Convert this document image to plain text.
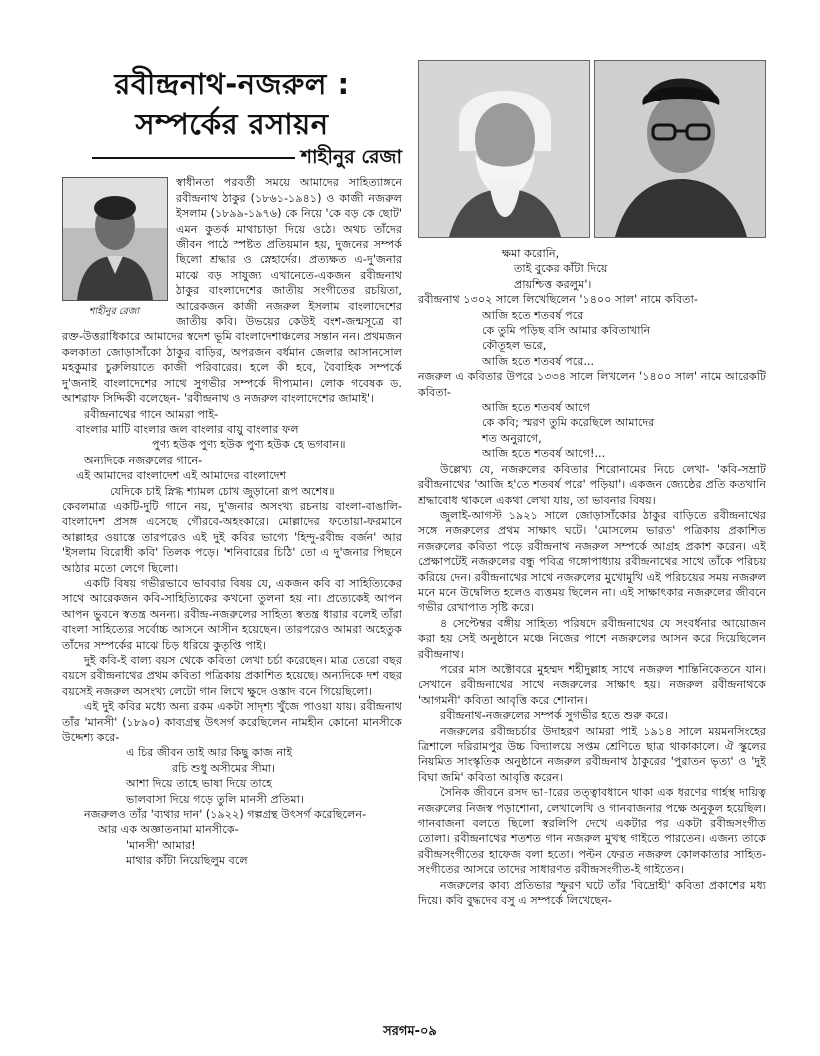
রবীন্দ্রনাথ-নজরুল :
সম্পর্কের রসায়ন
শাহীনুর রেজা
শাহীনুর রেজা

স্বাধীনতা পরবর্তী সময়ে আমাদের সাহিত্যাঙ্গনে রবীন্দ্রনাথ ঠাকুর (১৮৬১-১৯৪১) ও কাজী নজরুল ইসলাম (১৮৯৯-১৯৭৬) কে নিয়ে 'কে বড় কে ছোট' এমন কুতর্ক মাথাচাড়া দিয়ে ওঠে। অথচ তাঁদের জীবন পাঠে স্পষ্টত প্রতিয়মান হয়, দুজনের সম্পর্ক ছিলো শ্রদ্ধার ও স্নেহার্দের। প্রত্যক্ষত এ-দু'জনার মাঝে বড় সাযুজ্য এখানেতে-একজন রবীন্দ্রনাথ ঠাকুর বাংলাদেশের জাতীয় সংগীতের রচয়িতা, আরেকজন কাজী নজরুল ইসলাম বাংলাদেশের জাতীয় কবি। উভয়ের কেউই বংশ-জন্মসূত্রে বা রক্ত-উত্তরাধিকারে আমাদের স্বদেশ ভূমি বাংলাদেশাঞ্চলের সন্তান নন। প্রথমজন কলকাতা জোড়াসাঁকো ঠাকুর বাড়ির, অপরজন বর্ধমান জেলার আসানসোল মহকুমার চুরুলিয়াতে কাজী পরিবারের। হলে কী হবে, বৈবাহিক সম্পর্কে দু'জনাই বাংলাদেশের সাথে সুগভীর সম্পর্কে দীপ্যমান। লোক গবেষক ড. আশরাফ সিদ্দিকী বলেছেন- 'রবীন্দ্রনাথ ও নজরুল বাংলাদেশের জামাই'।

রবীন্দ্রনাথের গানে আমরা পাই-

বাংলার মাটি বাংলার জল বাংলার বায়ু বাংলার ফল

পুণ্য হউক পুণ্য হউক পুণ্য হউক হে ভগবান॥

অন্যদিকে নজরুলের গানে-

এই আমাদের বাংলাদেশ এই আমাদের বাংলাদেশ

যেদিকে চাই স্নিগ্ধ শ্যামল চোখ জুড়ানো রূপ অশেষ॥

কেবলমাত্র একটি-দুটি গানে নয়, দু'জনার অসংখ্য রচনায় বাংলা-বাঙালি-বাংলাদেশ প্রসঙ্গ এসেছে গৌরবে-অহংকারে। মোল্লাদের ফতোয়া-ফরমানে আল্লাহর ওয়াস্তে তারপরেও এই দুই কবির ভাগ্যে 'হিন্দু-রবীন্দ্র বর্জন' আর 'ইসলাম বিরোধী কবি' তিলক পড়ে। 'শনিবারের চিঠি' তো এ দু'জনার পিছনে আঠার মতো লেগে ছিলো।

একটি বিষয় গভীরভাবে ভাববার বিষয় যে, একজন কবি বা সাহিত্যিকের সাথে আরেকজন কবি-সাহিত্যিকের কখনো তুলনা হয় না। প্রত্যেকেই আপন আপন ভুবনে স্বতন্ত্র অনন্য। রবীন্দ্র-নজরুলের সাহিত্য স্বতন্ত্র ধারার বলেই তাঁরা বাংলা সাহিত্যের সর্বোচ্চ আসনে আসীন হয়েছেন। তারপরেও আমরা অহেতুক তাঁদের সম্পর্কের মাঝে চিড় ধরিয়ে কুতৃপ্তি পাই।

দুই কবি-ই বাল্য বয়স থেকে কবিতা লেখা চর্চা করেছেন। মাত্র তেরো বছর বয়সে রবীন্দ্রনাথের প্রথম কবিতা পত্রিকায় প্রকাশিত হয়েছে। অন্যদিকে দশ বছর বয়সেই নজরুল অসংখ্য লেটো গান লিখে ক্ষুদে ওস্তাদ বনে গিয়েছিলো।

এই দুই কবির মধ্যে অন্য রকম একটা সাদৃশ্য খুঁজে পাওয়া যায়। রবীন্দ্রনাথ তাঁর 'মানসী' (১৮৯০) কাব্যগ্রন্থ উৎসর্গ করেছিলেন নামহীন কোনো মানসীকে উদ্দেশ্য করে-

এ চির জীবন তাই আর কিছু কাজ নাই

রচি শুধু অসীমের সীমা।

আশা দিয়ে তাহে ভাষা দিয়ে তাহে

ভালবাসা দিয়ে গড়ে তুলি মানসী প্রতিমা।

নজরুলও তাঁর 'ব্যথার দান' (১৯২২) গল্পগ্রন্থ উৎসর্গ করেছিলেন-

আর এক অজ্ঞাতনামা মানসীকে-

'মানসী' আমার!

মাথার কাঁটা নিয়েছিলুম বলে

ক্ষমা করোনি,

তাই বুকের কাঁটা দিয়ে

প্রায়শ্চিত্ত করলুম'।

রবীন্দ্রনাথ ১৩০২ সালে লিখেছিলেন '১৪০০ সাল' নামে কবিতা-

আজি হতে শতবর্ষ পরে

কে তুমি পড়িছ বসি আমার কবিতাখানি

কৌতূহল ভরে,

আজি হতে শতবর্ষ পরে...

নজরুল এ কবিতার উপরে ১৩৩৪ সালে লিখলেন '১৪০০ সাল' নামে আরেকটি কবিতা-

আজি হতে শতবর্ষ আগে

কে কবি; স্মরণ তুমি করেছিলে আমাদের

শত অনুরাগে,

আজি হতে শতবর্ষ আগে!...

উল্লেখ্য যে, নজরুলের কবিতার শিরোনামের নিচে লেখা- 'কবি-সম্রাট রবীন্দ্রনাথের 'আজি হ'তে শতবর্ষ পরে' পড়িয়া'। একজন জ্যেষ্ঠের প্রতি কতখানি শ্রদ্ধাবোধ থাকলে একথা লেখা যায়, তা ভাবনার বিষয়।

জুলাই-আগস্ট ১৯২১ সালে জোড়াসাঁকোর ঠাকুর বাড়িতে রবীন্দ্রনাথের সঙ্গে নজরুলের প্রথম সাক্ষাৎ ঘটে। 'মোসলেম ভারত' পত্রিকায় প্রকাশিত নজরুলের কবিতা পড়ে রবীন্দ্রনাথ নজরুল সম্পর্কে আগ্রহ প্রকাশ করেন। এই প্রেক্ষাপটেই নজরুলের বন্ধু পবিত্র গঙ্গোপাধ্যায় রবীন্দ্রনাথের সাথে তাঁকে পরিচয় করিয়ে দেন। রবীন্দ্রনাথের সাথে নজরুলের মুখোমুখি এই পরিচয়ের সময় নজরুল মনে মনে উদ্বেলিত হলেও ব্যত্তময় ছিলেন না। এই সাক্ষাৎকার নজরুলের জীবনে গভীর রেখাপাত সৃষ্টি করে।

৪ সেপ্টেম্বর বঙ্গীয় সাহিত্য পরিষদে রবীন্দ্রনাথের যে সংবর্ধনার আয়োজন করা হয় সেই অনুষ্ঠানে মঞ্চে নিজের পাশে নজরুলের আসন করে দিয়েছিলেন রবীন্দ্রনাথ।

পরের মাস অক্টোবরে মুহম্মদ শহীদুল্লাহ সাথে নজরুল শান্তিনিকেতনে যান। সেখানে রবীন্দ্রনাথের সাথে নজরুলের সাক্ষাৎ হয়। নজরুল রবীন্দ্রনাথকে 'আগমনী' কবিতা আবৃত্তি করে শোনান।

রবীন্দ্রনাথ-নজরুলের সম্পর্ক সুগভীর হতে শুরু করে।

নজরুলের রবীন্দ্রচর্চার উদাহরণ আমরা পাই ১৯১৪ সালে ময়মনসিংহের ত্রিশালে দরিরামপুর উচ্চ বিদ্যালয়ে সপ্তম শ্রেণিতে ছাত্র থাকাকালে। ঐ স্কুলের নিয়মিত সাংস্কৃতিক অনুষ্ঠানে নজরুল রবীন্দ্রনাথ ঠাকুরের 'পুরাতন ভৃত্য' ও 'দুই বিঘা জমি' কবিতা আবৃত্তি করেন।

সৈনিক জীবনে রসদ ভা-ারের তত্ত্বাবধানে থাকা এক ধরণের গার্হস্থ দায়িত্ব নজরুলের নিজস্ব পড়াশোনা, লেখালেখি ও গানবাজনার পক্ষে অনুকূল হয়েছিল। গানবাজনা বলতে ছিলো স্বরলিপি দেখে একটার পর একটা রবীন্দ্রসংগীত তোলা। রবীন্দ্রনাথের শতশত গান নজরুল মুখস্থ গাইতে পারতেন। এজন্য তাকে রবীন্দ্রসংগীতের হাফেজ বলা হতো। পল্টন ফেরত নজরুল কোলকাতার সাহিত-সংগীতের আসরে তাদের সাধারণত রবীন্দ্রসংগীত-ই গাইতেন।

নজরুলের কাব্য প্রতিভার স্ফুরণ ঘটে তাঁর 'বিদ্রোহী' কবিতা প্রকাশের মধ্য দিয়ে। কবি বুদ্ধদেব বসু এ সম্পর্কে লিখেছেন-

সরগম-০৯
